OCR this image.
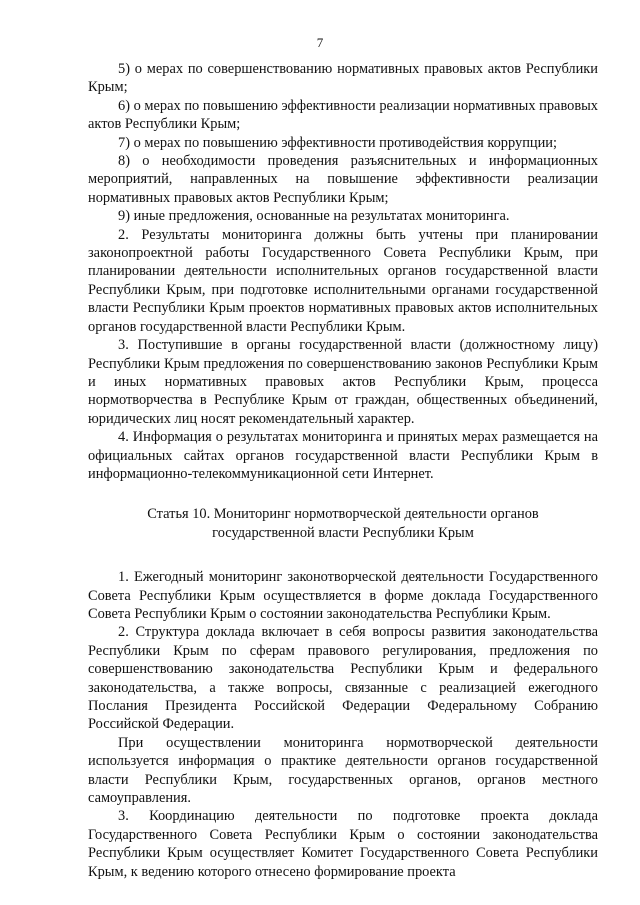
7

5) о мерах по совершенствованию нормативных правовых актов Республики Крым;

6) о мерах по повышению эффективности реализации нормативных правовых актов Республики Крым;

7) о мерах по повышению эффективности противодействия коррупции;

8) о необходимости проведения разъяснительных и информационных мероприятий, направленных на повышение эффективности реализации нормативных правовых актов Республики Крым;

9) иные предложения, основанные на результатах мониторинга.

2. Результаты мониторинга должны быть учтены при планировании законопроектной работы Государственного Совета Республики Крым, при планировании деятельности исполнительных органов государственной власти Республики Крым, при подготовке исполнительными органами государственной власти Республики Крым проектов нормативных правовых актов исполнительных органов государственной власти Республики Крым.

3. Поступившие в органы государственной власти (должностному лицу) Республики Крым предложения по совершенствованию законов Республики Крым и иных нормативных правовых актов Республики Крым, процесса нормотворчества в Республике Крым от граждан, общественных объединений, юридических лиц носят рекомендательный характер.

4. Информация о результатах мониторинга и принятых мерах размещается на официальных сайтах органов государственной власти Республики Крым в информационно-телекоммуникационной сети Интернет.

Статья 10. Мониторинг нормотворческой деятельности органов
государственной власти Республики Крым

1. Ежегодный мониторинг законотворческой деятельности Государственного Совета Республики Крым осуществляется в форме доклада Государственного Совета Республики Крым о состоянии законодательства Республики Крым.

2. Структура доклада включает в себя вопросы развития законодательства Республики Крым по сферам правового регулирования, предложения по совершенствованию законодательства Республики Крым и федерального законодательства, а также вопросы, связанные с реализацией ежегодного Послания Президента Российской Федерации Федеральному Собранию Российской Федерации.

При осуществлении мониторинга нормотворческой деятельности используется информация о практике деятельности органов государственной власти Республики Крым, государственных органов, органов местного самоуправления.

3. Координацию деятельности по подготовке проекта доклада Государственного Совета Республики Крым о состоянии законодательства Республики Крым осуществляет Комитет Государственного Совета Республики Крым, к ведению которого отнесено формирование проекта
